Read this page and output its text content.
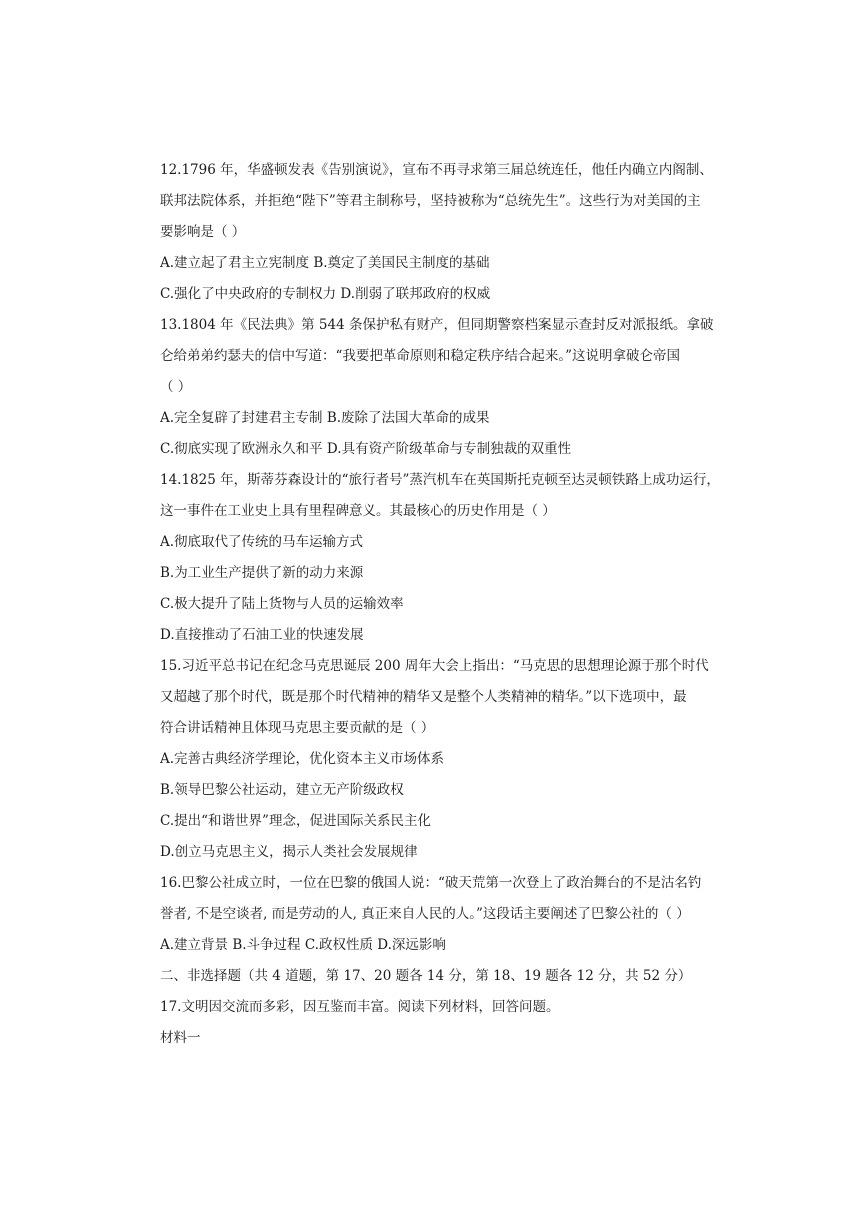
12.1796 年，华盛顿发表《告别演说》，宣布不再寻求第三届总统连任，他任内确立内阁制、
联邦法院体系，并拒绝“陛下”等君主制称号，坚持被称为“总统先生”。这些行为对美国的主
要影响是（ ）
A.建立起了君主立宪制度 B.奠定了美国民主制度的基础
C.强化了中央政府的专制权力 D.削弱了联邦政府的权威
13.1804 年《民法典》第 544 条保护私有财产，但同期警察档案显示查封反对派报纸。拿破
仑给弟弟约瑟夫的信中写道：“我要把革命原则和稳定秩序结合起来。”这说明拿破仑帝国
（ ）
A.完全复辟了封建君主专制 B.废除了法国大革命的成果
C.彻底实现了欧洲永久和平 D.具有资产阶级革命与专制独裁的双重性
14.1825 年，斯蒂芬森设计的“旅行者号”蒸汽机车在英国斯托克顿至达灵顿铁路上成功运行，
这一事件在工业史上具有里程碑意义。其最核心的历史作用是（ ）
A.彻底取代了传统的马车运输方式
B.为工业生产提供了新的动力来源
C.极大提升了陆上货物与人员的运输效率
D.直接推动了石油工业的快速发展
15.习近平总书记在纪念马克思诞辰 200 周年大会上指出：“马克思的思想理论源于那个时代
又超越了那个时代，既是那个时代精神的精华又是整个人类精神的精华。”以下选项中，最
符合讲话精神且体现马克思主要贡献的是（ ）
A.完善古典经济学理论，优化资本主义市场体系
B.领导巴黎公社运动，建立无产阶级政权
C.提出“和谐世界”理念，促进国际关系民主化
D.创立马克思主义，揭示人类社会发展规律
16.巴黎公社成立时，一位在巴黎的俄国人说：“破天荒第一次登上了政治舞台的不是沽名钓
誉者, 不是空谈者, 而是劳动的人, 真正来自人民的人。”这段话主要阐述了巴黎公社的（ ）
A.建立背景 B.斗争过程 C.政权性质 D.深远影响
二、非选择题（共 4 道题，第 17、20 题各 14 分，第 18、19 题各 12 分，共 52 分）
17.文明因交流而多彩，因互鉴而丰富。阅读下列材料，回答问题。
材料一
